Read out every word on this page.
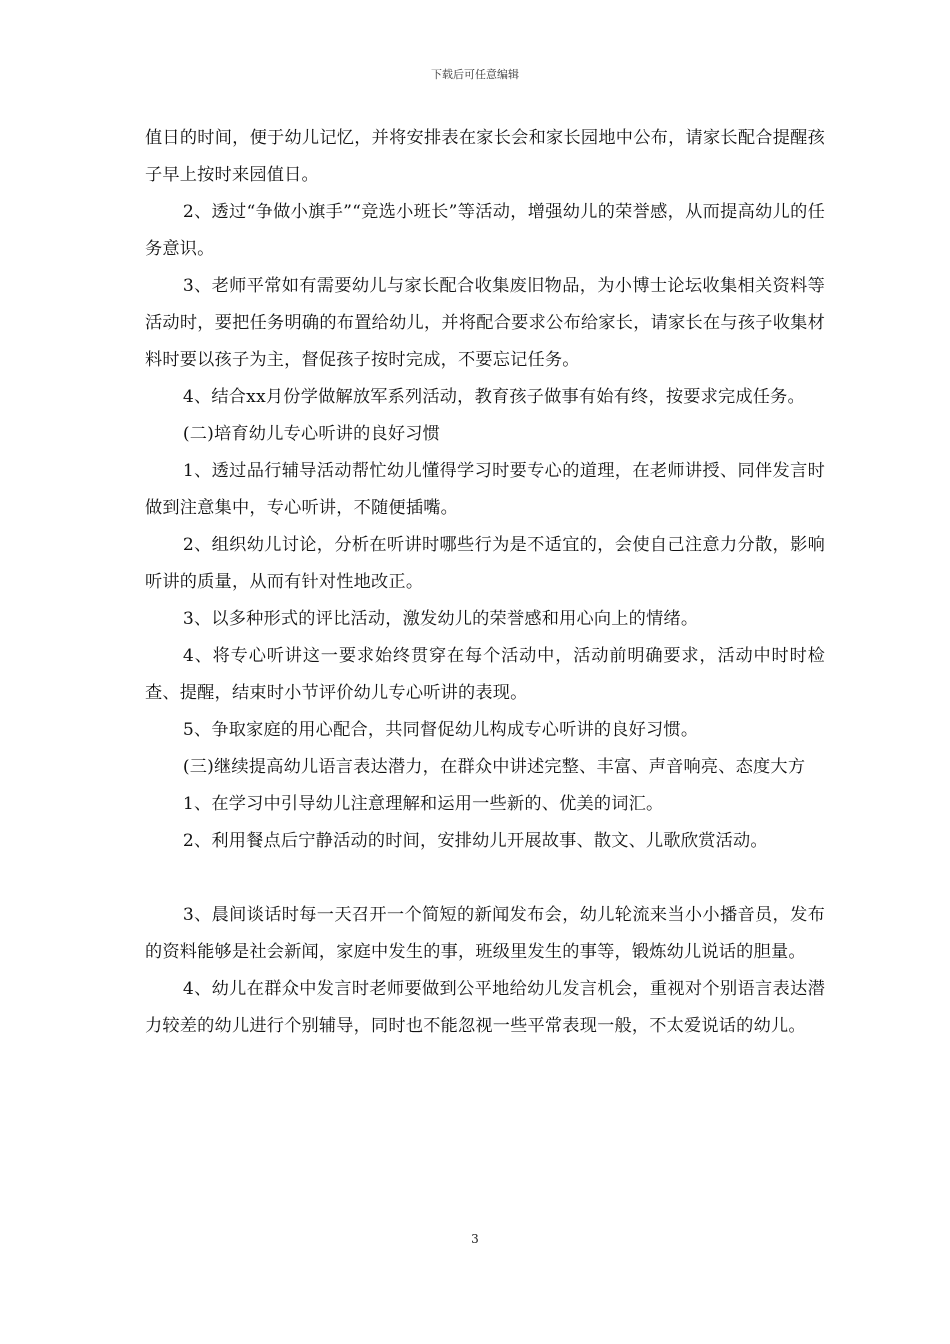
下载后可任意编辑

值日的时间，便于幼儿记忆，并将安排表在家长会和家长园地中公布，请家长配合提醒孩子早上按时来园值日。

2、透过“争做小旗手”“竞选小班长”等活动，增强幼儿的荣誉感，从而提高幼儿的任务意识。

3、老师平常如有需要幼儿与家长配合收集废旧物品，为小博士论坛收集相关资料等活动时，要把任务明确的布置给幼儿，并将配合要求公布给家长，请家长在与孩子收集材料时要以孩子为主，督促孩子按时完成，不要忘记任务。

4、结合xx月份学做解放军系列活动，教育孩子做事有始有终，按要求完成任务。

(二)培育幼儿专心听讲的良好习惯

1、透过品行辅导活动帮忙幼儿懂得学习时要专心的道理，在老师讲授、同伴发言时做到注意集中，专心听讲，不随便插嘴。

2、组织幼儿讨论，分析在听讲时哪些行为是不适宜的，会使自己注意力分散，影响听讲的质量，从而有针对性地改正。

3、以多种形式的评比活动，激发幼儿的荣誉感和用心向上的情绪。

4、将专心听讲这一要求始终贯穿在每个活动中，活动前明确要求，活动中时时检查、提醒，结束时小节评价幼儿专心听讲的表现。

5、争取家庭的用心配合，共同督促幼儿构成专心听讲的良好习惯。

(三)继续提高幼儿语言表达潜力，在群众中讲述完整、丰富、声音响亮、态度大方

1、在学习中引导幼儿注意理解和运用一些新的、优美的词汇。

2、利用餐点后宁静活动的时间，安排幼儿开展故事、散文、儿歌欣赏活动。

3、晨间谈话时每一天召开一个简短的新闻发布会，幼儿轮流来当小小播音员，发布的资料能够是社会新闻，家庭中发生的事，班级里发生的事等，锻炼幼儿说话的胆量。

4、幼儿在群众中发言时老师要做到公平地给幼儿发言机会，重视对个别语言表达潜力较差的幼儿进行个别辅导，同时也不能忽视一些平常表现一般，不太爱说话的幼儿。

3
